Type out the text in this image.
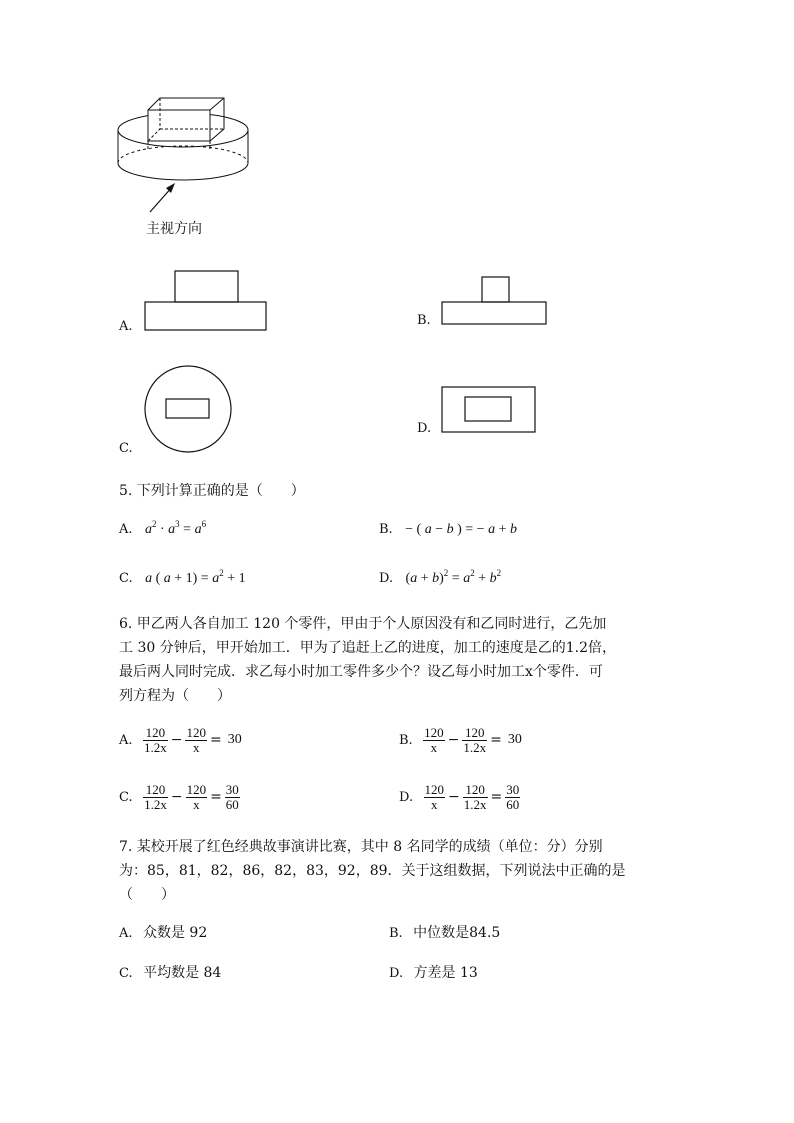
主视方向
A.	B.
C.
D.
5. 下列计算正确的是（　　）
A. $a^2 \cdot a^3 = a^6$	B. − ( a − b ) = − a + b
C. a ( $a + 1) = a^2 + 1$	D. $(a + b)^2 = a^2 + b^2$
6. 甲乙两人各自加工 120 个零件，甲由于个人原因没有和乙同时进行，乙先加
工 30 分钟后，甲开始加工．甲为了追赶上乙的进度，加工的速度是乙的1.2倍，
最后两人同时完成．求乙每小时加工零件多少个？设乙每小时加工x个零件．可
列方程为（　　）
A. $\frac{120}{1.2x} - \frac{120}{x} = 30$	B. $\frac{120}{x} - \frac{120}{1.2x} = 30$
C. $\frac{120}{1.2x} - \frac{120}{x} = \frac{30}{60}$	D. $\frac{120}{x} - \frac{120}{1.2x} = \frac{30}{60}$
7. 某校开展了红色经典故事演讲比赛，其中 8 名同学的成绩（单位：分）分别
为：85，81，82，86，82，83，92，89．关于这组数据，下列说法中正确的是
（　　）
A. 众数是 92	B. 中位数是84.5
C. 平均数是 84	D. 方差是 13
